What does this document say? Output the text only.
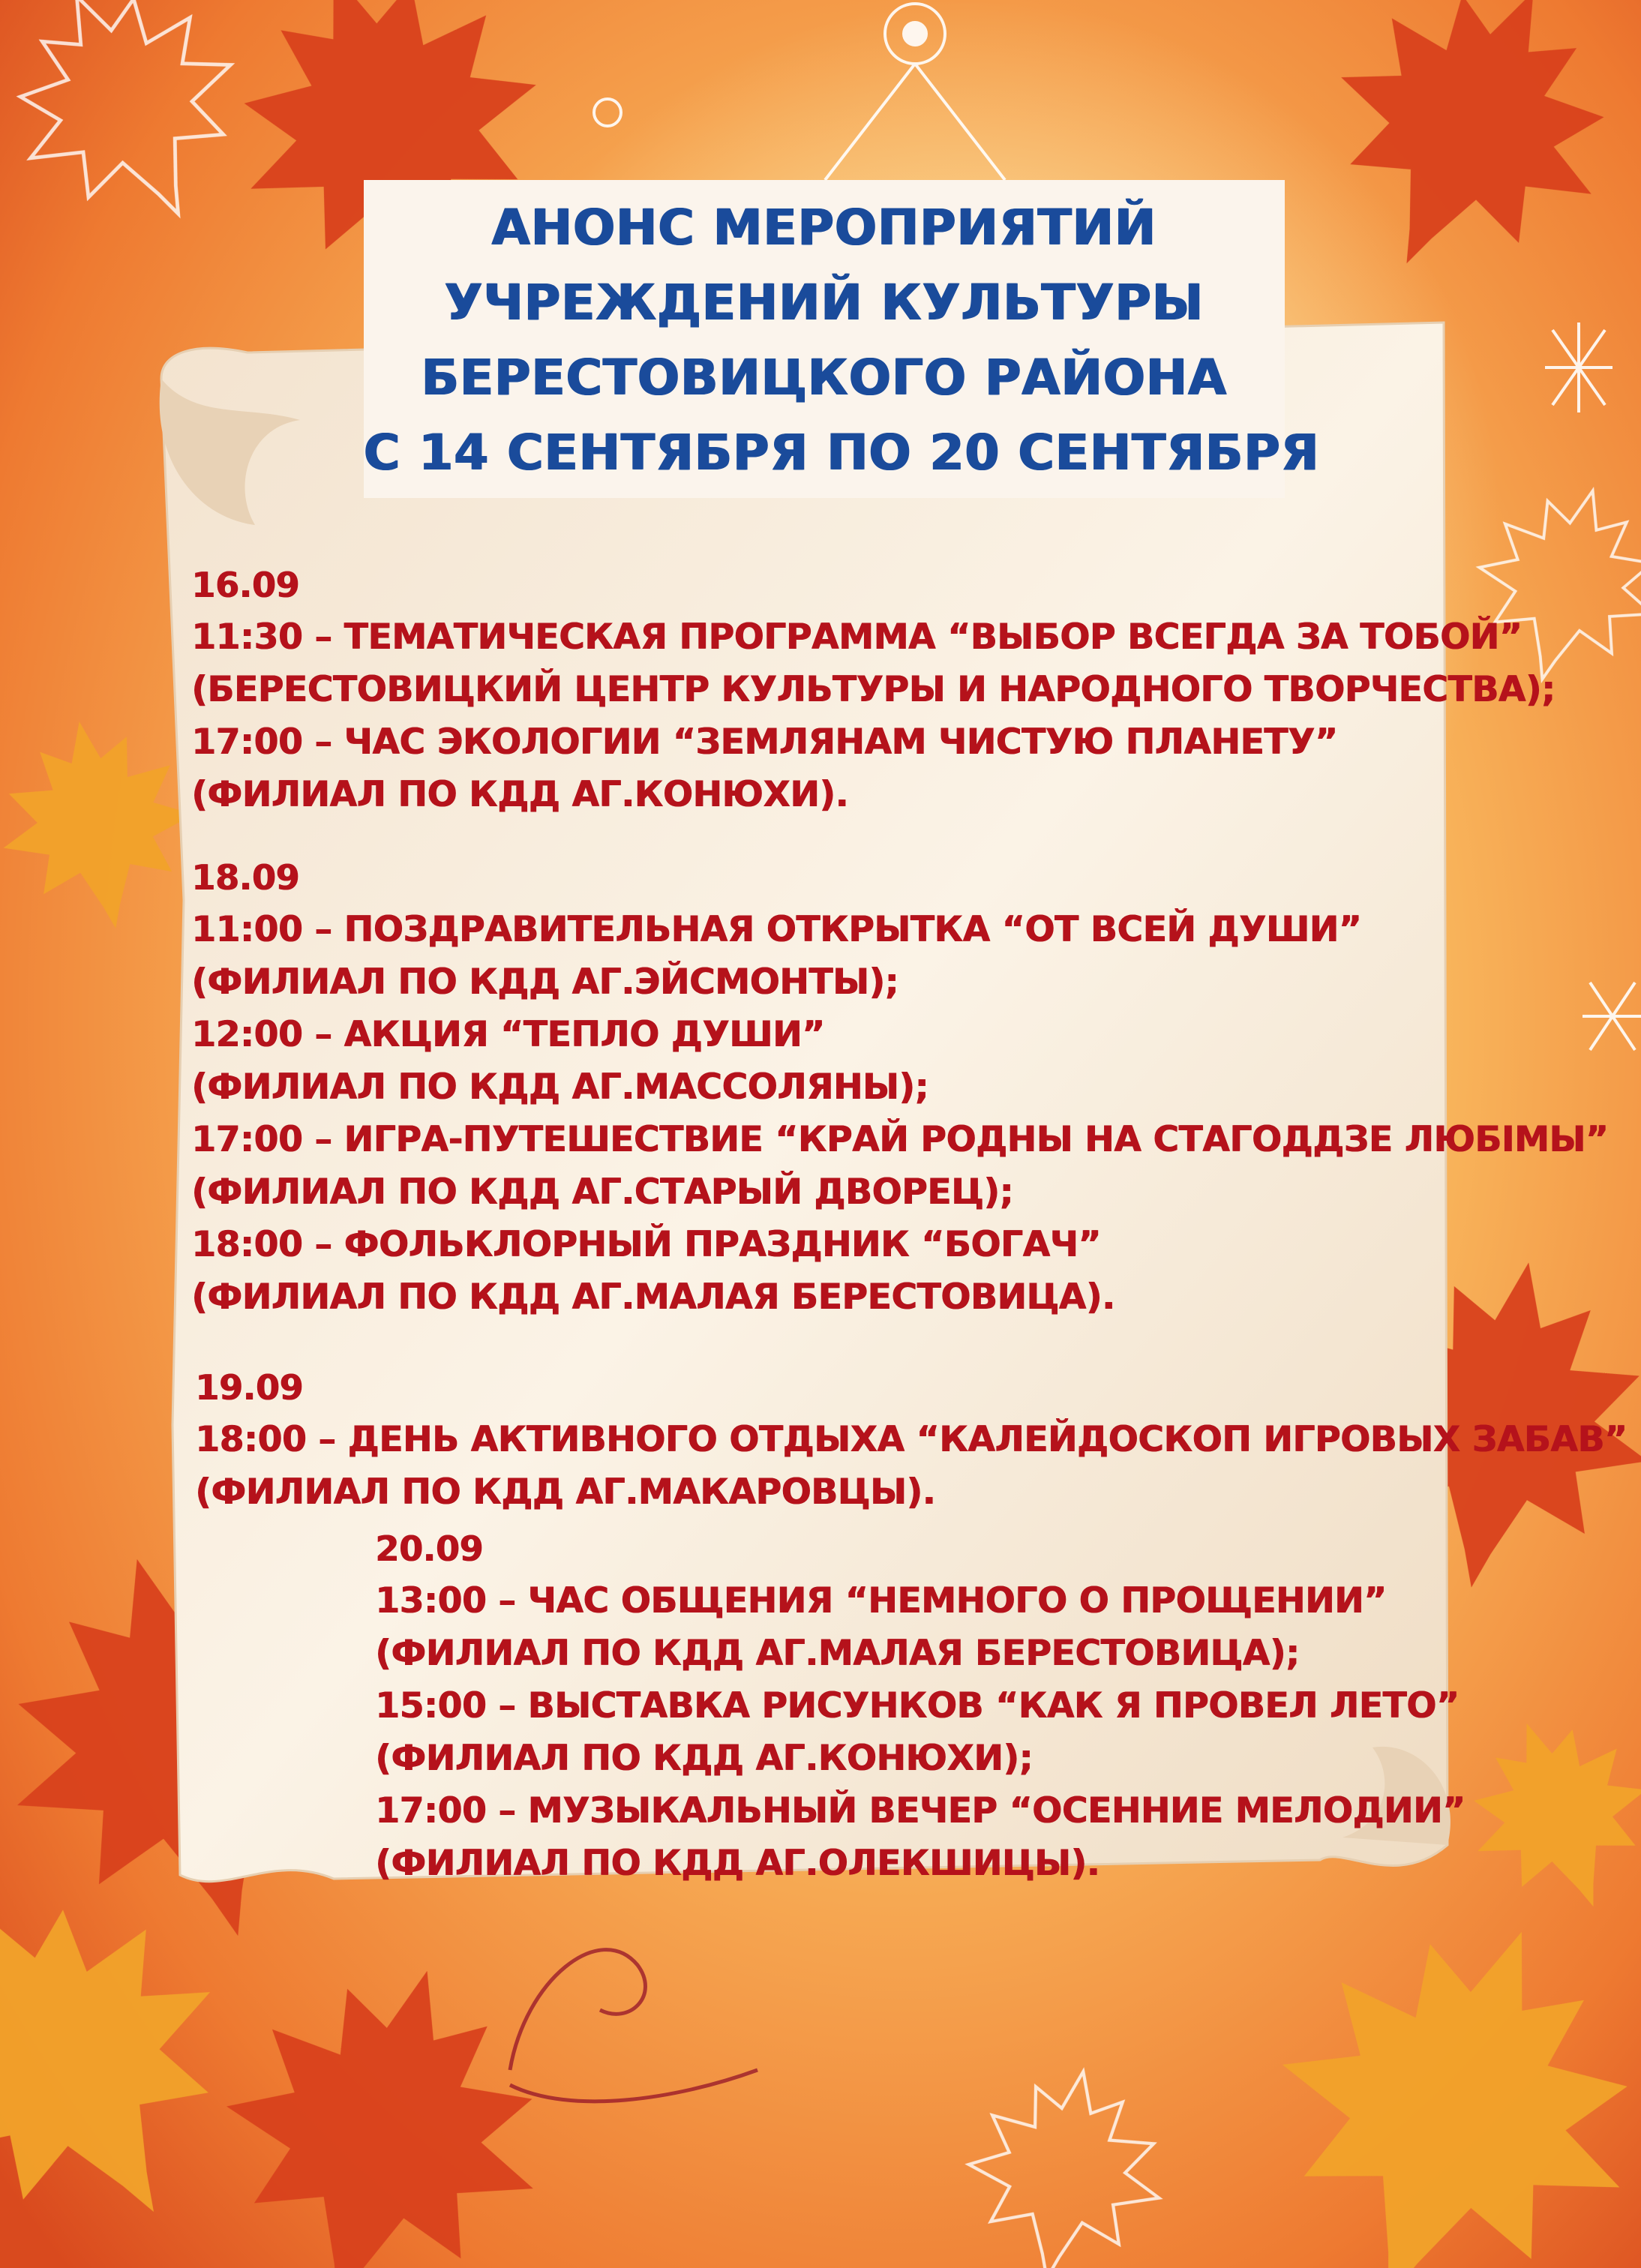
АНОНС МЕРОПРИЯТИЙ
УЧРЕЖДЕНИЙ КУЛЬТУРЫ
БЕРЕСТОВИЦКОГО РАЙОНА
С 14 СЕНТЯБРЯ ПО 20 СЕНТЯБРЯ
16.09
11:30 – ТЕМАТИЧЕСКАЯ ПРОГРАММА “ВЫБОР ВСЕГДА ЗА ТОБОЙ”
(БЕРЕСТОВИЦКИЙ ЦЕНТР КУЛЬТУРЫ И НАРОДНОГО ТВОРЧЕСТВА);
17:00 – ЧАС ЭКОЛОГИИ “ЗЕМЛЯНАМ ЧИСТУЮ ПЛАНЕТУ”
(ФИЛИАЛ ПО КДД АГ.КОНЮХИ).
18.09
11:00 – ПОЗДРАВИТЕЛЬНАЯ ОТКРЫТКА “ОТ ВСЕЙ ДУШИ”
(ФИЛИАЛ ПО КДД АГ.ЭЙСМОНТЫ);
12:00 – АКЦИЯ “ТЕПЛО ДУШИ”
(ФИЛИАЛ ПО КДД АГ.МАССОЛЯНЫ);
17:00 – ИГРА-ПУТЕШЕСТВИЕ “КРАЙ РОДНЫ НА СТАГОДДЗЕ ЛЮБІМЫ”
(ФИЛИАЛ ПО КДД АГ.СТАРЫЙ ДВОРЕЦ);
18:00 – ФОЛЬКЛОРНЫЙ ПРАЗДНИК “БОГАЧ”
(ФИЛИАЛ ПО КДД АГ.МАЛАЯ БЕРЕСТОВИЦА).
19.09
18:00 – ДЕНЬ АКТИВНОГО ОТДЫХА “КАЛЕЙДОСКОП ИГРОВЫХ ЗАБАВ”
(ФИЛИАЛ ПО КДД АГ.МАКАРОВЦЫ).
20.09
13:00 – ЧАС ОБЩЕНИЯ “НЕМНОГО О ПРОЩЕНИИ”
(ФИЛИАЛ ПО КДД АГ.МАЛАЯ БЕРЕСТОВИЦА);
15:00 – ВЫСТАВКА РИСУНКОВ “КАК Я ПРОВЕЛ ЛЕТО”
(ФИЛИАЛ ПО КДД АГ.КОНЮХИ);
17:00 – МУЗЫКАЛЬНЫЙ ВЕЧЕР “ОСЕННИЕ МЕЛОДИИ”
(ФИЛИАЛ ПО КДД АГ.ОЛЕКШИЦЫ).
